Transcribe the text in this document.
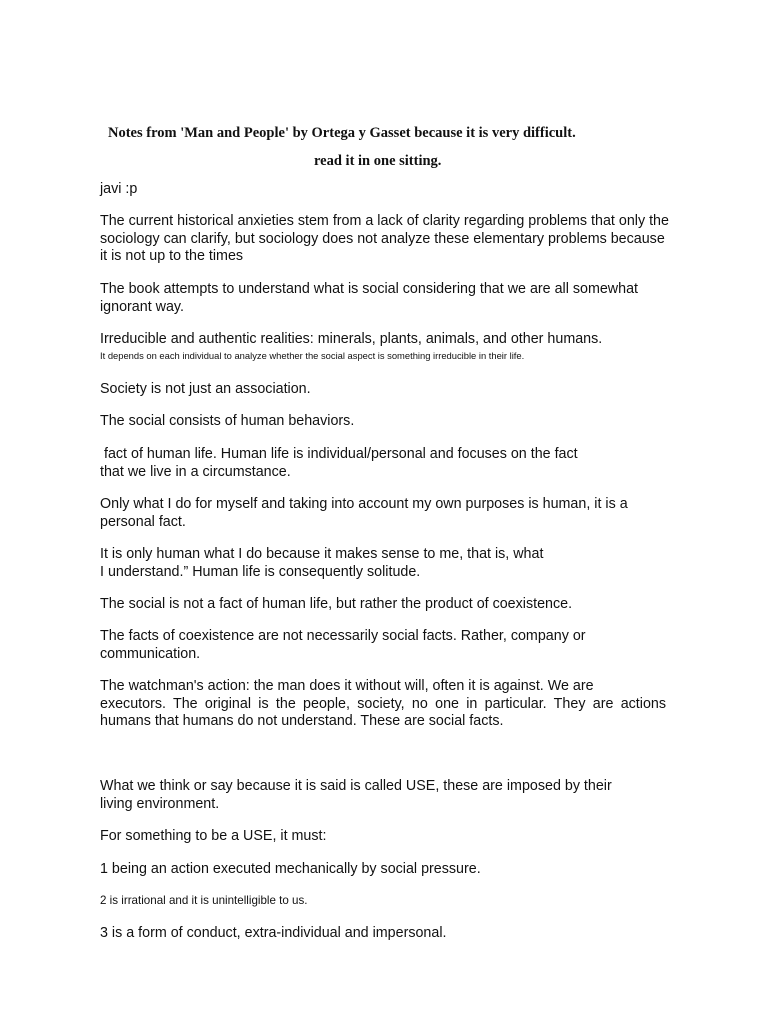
Notes from 'Man and People' by Ortega y Gasset because it is very difficult.
read it in one sitting.
javi :p
The current historical anxieties stem from a lack of clarity regarding problems that only the
sociology can clarify, but sociology does not analyze these elementary problems because
it is not up to the times
The book attempts to understand what is social considering that we are all somewhat
ignorant way.
Irreducible and authentic realities: minerals, plants, animals, and other humans.
It depends on each individual to analyze whether the social aspect is something irreducible in their life.
Society is not just an association.
The social consists of human behaviors.
fact of human life. Human life is individual/personal and focuses on the fact
that we live in a circumstance.
Only what I do for myself and taking into account my own purposes is human, it is a
personal fact.
It is only human what I do because it makes sense to me, that is, what
I understand.” Human life is consequently solitude.
The social is not a fact of human life, but rather the product of coexistence.
The facts of coexistence are not necessarily social facts. Rather, company or
communication.
The watchman's action: the man does it without will, often it is against. We are
executors. The original is the people, society, no one in particular. They are actions
humans that humans do not understand. These are social facts.
What we think or say because it is said is called USE, these are imposed by their
living environment.
For something to be a USE, it must:
1 being an action executed mechanically by social pressure.
2 is irrational and it is unintelligible to us.
3 is a form of conduct, extra-individual and impersonal.
